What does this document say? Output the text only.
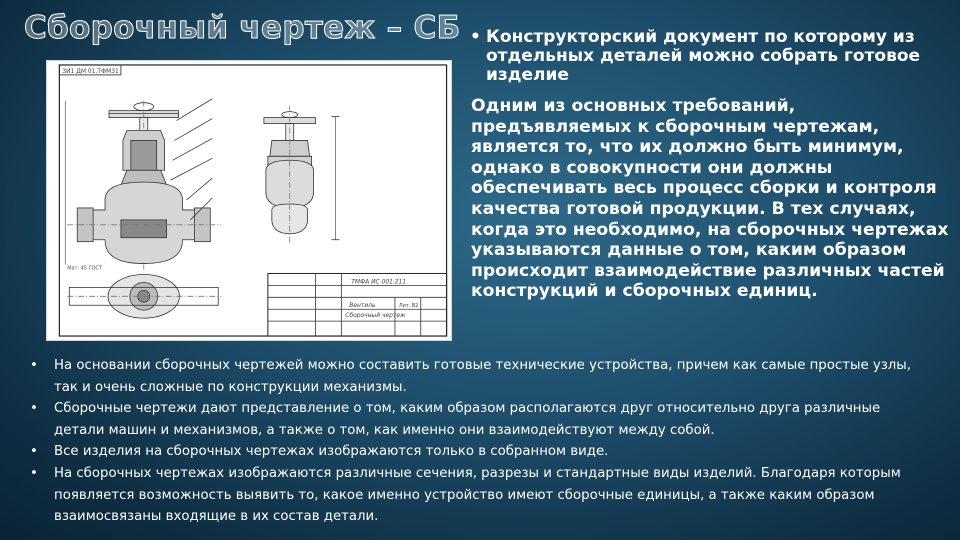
Сборочный чертеж – СБ
ЗИ1 ДМ 01.ТФМ31
Мат. 45 ГОСТ
ТМФА ИС 001.211
Вентиль
Сборочный чертеж
Лит. В2
• Конструкторский документ по которому из отдельных деталей можно собрать готовое изделие
Одним из основных требований, предъявляемых к сборочным чертежам, является то, что их должно быть минимум, однако в совокупности они должны обеспечивать весь процесс сборки и контроля качества готовой продукции. В тех случаях, когда это необходимо, на сборочных чертежах указываются данные о том, каким образом происходит взаимодействие различных частей конструкций и сборочных единиц.
• На основании сборочных чертежей можно составить готовые технические устройства, причем как самые простые узлы, так и очень сложные по конструкции механизмы.
• Сборочные чертежи дают представление о том, каким образом располагаются друг относительно друга различные детали машин и механизмов, а также о том, как именно они взаимодействуют между собой.
• Все изделия на сборочных чертежах изображаются только в собранном виде.
• На сборочных чертежах изображаются различные сечения, разрезы и стандартные виды изделий. Благодаря которым появляется возможность выявить то, какое именно устройство имеют сборочные единицы, а также каким образом взаимосвязаны входящие в их состав детали.
